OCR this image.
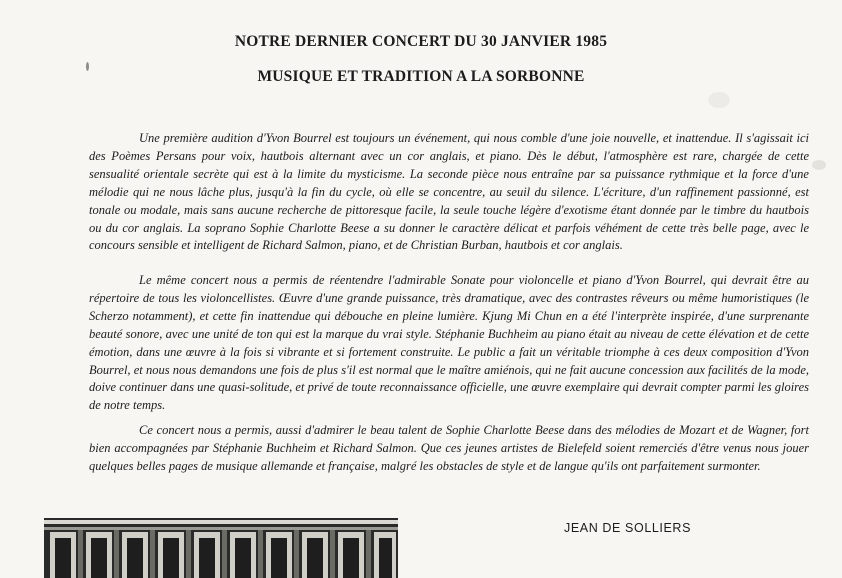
NOTRE DERNIER CONCERT DU 30 JANVIER 1985
MUSIQUE ET TRADITION A LA SORBONNE

Une première audition d'Yvon Bourrel est toujours un événement, qui nous comble d'une joie nouvelle, et inattendue. Il s'agissait ici des Poèmes Persans pour voix, hautbois alternant avec un cor anglais, et piano. Dès le début, l'atmosphère est rare, chargée de cette sensualité orientale secrète qui est à la limite du mysticisme. La seconde pièce nous entraîne par sa puissance rythmique et la force d'une mélodie qui ne nous lâche plus, jusqu'à la fin du cycle, où elle se concentre, au seuil du silence. L'écriture, d'un raffinement passionné, est tonale ou modale, mais sans aucune recherche de pittoresque facile, la seule touche légère d'exotisme étant donnée par le timbre du hautbois ou du cor anglais. La soprano Sophie Charlotte Beese a su donner le caractère délicat et parfois véhément de cette très belle page, avec le concours sensible et intelligent de Richard Salmon, piano, et de Christian Burban, hautbois et cor anglais.

Le même concert nous a permis de réentendre l'admirable Sonate pour violoncelle et piano d'Yvon Bourrel, qui devrait être au répertoire de tous les violoncellistes. Œuvre d'une grande puissance, très dramatique, avec des contrastes rêveurs ou même humoristiques (le Scherzo notamment), et cette fin inattendue qui débouche en pleine lumière. Kjung Mi Chun en a été l'interprète inspirée, d'une surprenante beauté sonore, avec une unité de ton qui est la marque du vrai style. Stéphanie Buchheim au piano était au niveau de cette élévation et de cette émotion, dans une œuvre à la fois si vibrante et si fortement construite. Le public a fait un véritable triomphe à ces deux composition d'Yvon Bourrel, et nous nous demandons une fois de plus s'il est normal que le maître amiénois, qui ne fait aucune concession aux facilités de la mode, doive continuer dans une quasi-solitude, et privé de toute reconnaissance officielle, une œuvre exemplaire qui devrait compter parmi les gloires de notre temps.

Ce concert nous a permis, aussi d'admirer le beau talent de Sophie Charlotte Beese dans des mélodies de Mozart et de Wagner, fort bien accompagnées par Stéphanie Buchheim et Richard Salmon. Que ces jeunes artistes de Bielefeld soient remerciés d'être venus nous jouer quelques belles pages de musique allemande et française, malgré les obstacles de style et de langue qu'ils ont parfaitement surmonter.

JEAN DE SOLLIERS
